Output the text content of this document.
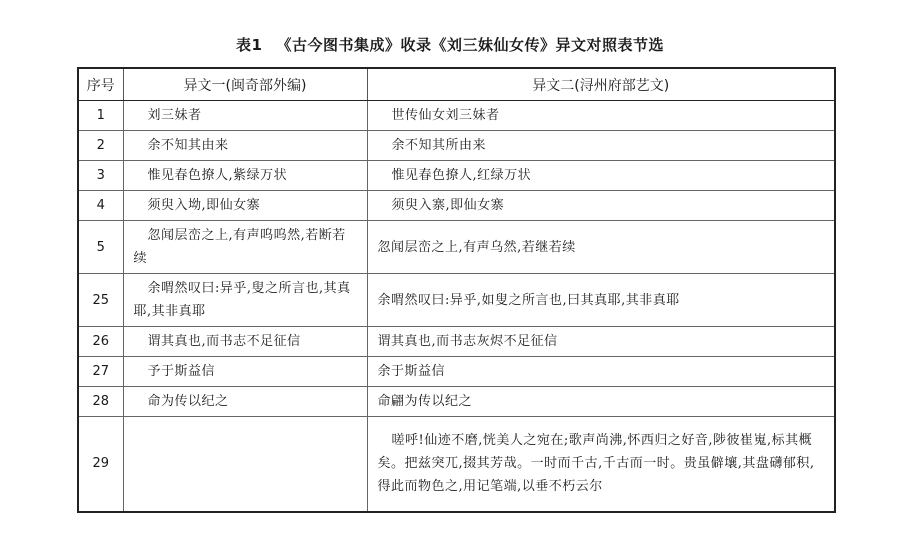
表1 《古今图书集成》收录《刘三妹仙女传》异文对照表节选
序号	异文一(闽奇部外编)	异文二(浔州府部艺文)
1	刘三妹者	世传仙女刘三妹者
2	余不知其由来	余不知其所由来
3	惟见春色撩人,紫绿万状	惟见春色撩人,红绿万状
4	须臾入坳,即仙女寨	须臾入寨,即仙女寨
5	忽闻层峦之上,有声呜呜然,若断若续	忽闻层峦之上,有声乌然,若继若续
25	余喟然叹曰:异乎,叟之所言也,其真耶,其非真耶	余喟然叹曰:异乎,如叟之所言也,曰其真耶,其非真耶
26	谓其真也,而书志不足征信	谓其真也,而书志灰烬不足征信
27	予于斯益信	余于斯益信
28	命为传以纪之	命翩为传以纪之
29		嗟呼!仙迹不磨,恍美人之宛在;歌声尚沸,怀西归之好音,陟彼崔嵬,标其概矣。把兹突兀,掇其芳哉。一时而千古,千古而一时。贵虽僻壤,其盘礴郁积,得此而物色之,用记笔端,以垂不朽云尔
